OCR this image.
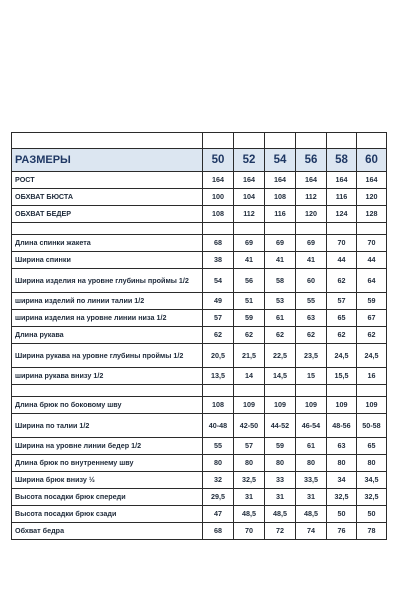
РАЗМЕРЫ	50	52	54	56	58	60
РОСТ	164	164	164	164	164	164
ОБХВАТ БЮСТА	100	104	108	112	116	120
ОБХВАТ БЕДЕР	108	112	116	120	124	128

Длина спинки жакета	68	69	69	69	70	70
Ширина спинки	38	41	41	41	44	44
Ширина изделия на уровне глубины проймы 1/2	54	56	58	60	62	64
ширина изделий по линии талии 1/2	49	51	53	55	57	59
ширина изделия на уровне линии низа 1/2	57	59	61	63	65	67
Длина рукава	62	62	62	62	62	62
Ширина рукава на уровне глубины проймы 1/2	20,5	21,5	22,5	23,5	24,5	24,5
ширина рукава внизу 1/2	13,5	14	14,5	15	15,5	16

Длина брюк по боковому шву	108	109	109	109	109	109
Ширина по талии 1/2	40-48	42-50	44-52	46-54	48-56	50-58
Ширина на уровне линии бедер 1/2	55	57	59	61	63	65
Длина брюк по внутреннему шву	80	80	80	80	80	80
Ширина брюк внизу ½	32	32,5	33	33,5	34	34,5
Высота посадки брюк спереди	29,5	31	31	31	32,5	32,5
Высота посадки брюк сзади	47	48,5	48,5	48,5	50	50
Обхват бедра	68	70	72	74	76	78
